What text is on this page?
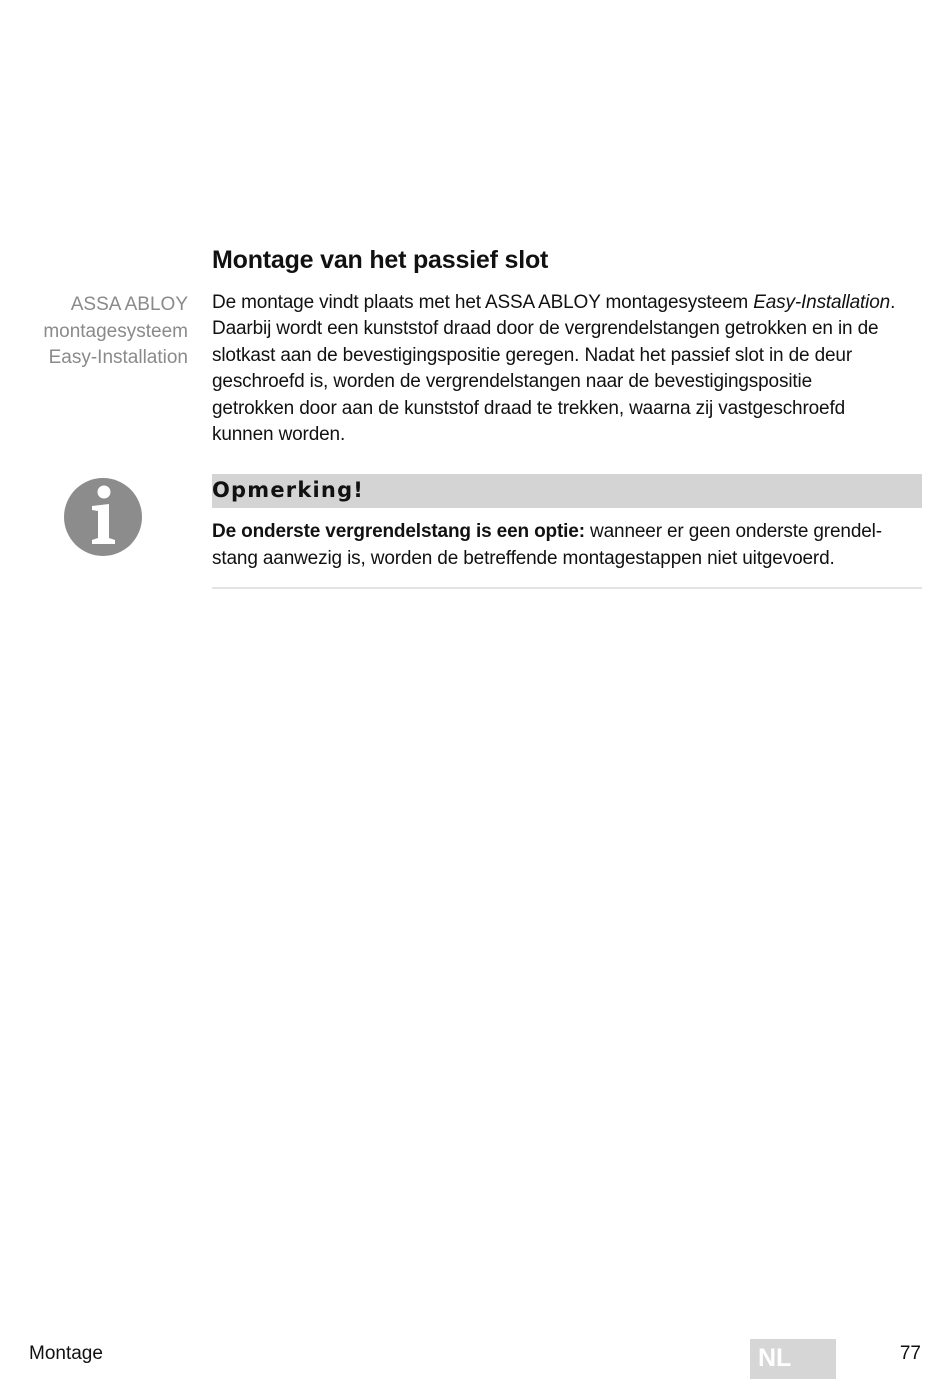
Montage van het passief slot
ASSA ABLOY
montagesysteem
Easy-Installation
De montage vindt plaats met het ASSA ABLOY montagesysteem Easy-Installation.
Daarbij wordt een kunststof draad door de vergrendelstangen getrokken en in de
slotkast aan de bevestigingspositie geregen. Nadat het passief slot in de deur
geschroefd is, worden de vergrendelstangen naar de bevestigingspositie
getrokken door aan de kunststof draad te trekken, waarna zij vastgeschroefd
kunnen worden.
Opmerking!
De onderste vergrendelstang is een optie: wanneer er geen onderste grendel-
stang aanwezig is, worden de betreffende montagestappen niet uitgevoerd.
Montage	NL	77
